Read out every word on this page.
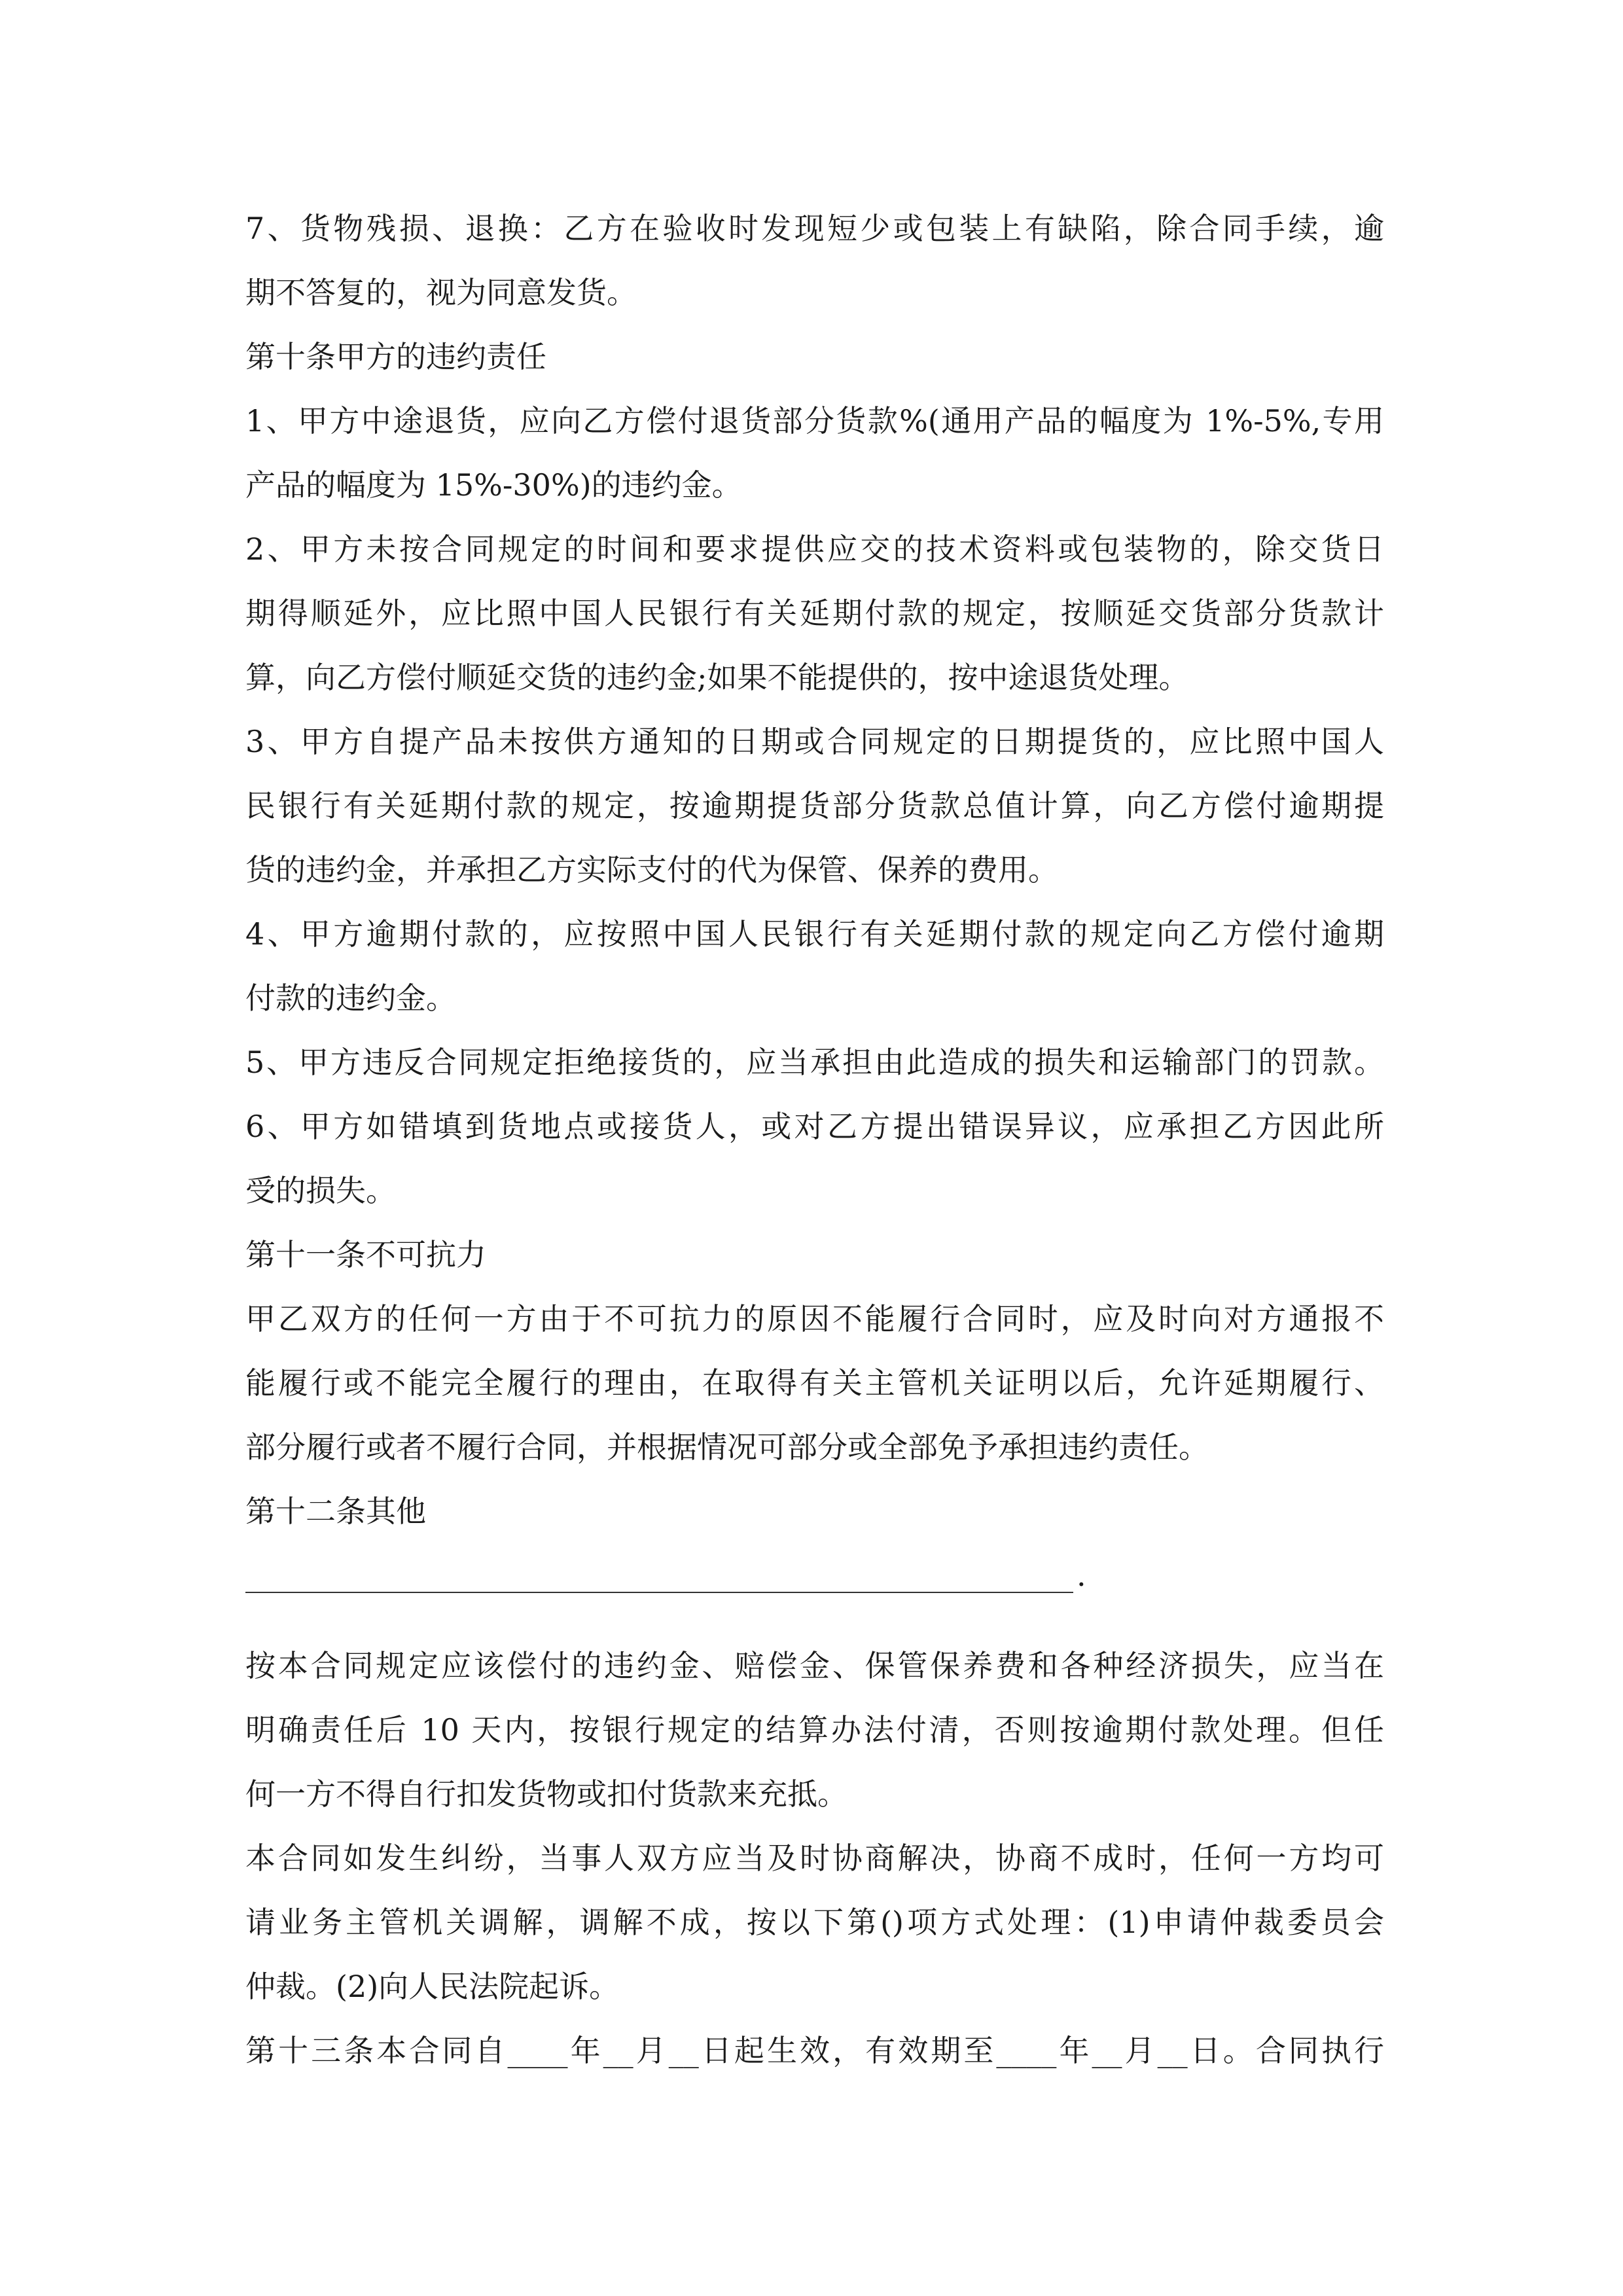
7、货物残损、退换：乙方在验收时发现短少或包装上有缺陷，除合同手续，逾
期不答复的，视为同意发货。
第十条甲方的违约责任
1、甲方中途退货，应向乙方偿付退货部分货款%(通用产品的幅度为 1%-5%,专用
产品的幅度为 15%-30%)的违约金。
2、甲方未按合同规定的时间和要求提供应交的技术资料或包装物的，除交货日
期得顺延外，应比照中国人民银行有关延期付款的规定，按顺延交货部分货款计
算，向乙方偿付顺延交货的违约金;如果不能提供的，按中途退货处理。
3、甲方自提产品未按供方通知的日期或合同规定的日期提货的，应比照中国人
民银行有关延期付款的规定，按逾期提货部分货款总值计算，向乙方偿付逾期提
货的违约金，并承担乙方实际支付的代为保管、保养的费用。
4、甲方逾期付款的，应按照中国人民银行有关延期付款的规定向乙方偿付逾期
付款的违约金。
5、甲方违反合同规定拒绝接货的，应当承担由此造成的损失和运输部门的罚款。
6、甲方如错填到货地点或接货人，或对乙方提出错误异议，应承担乙方因此所
受的损失。
第十一条不可抗力
甲乙双方的任何一方由于不可抗力的原因不能履行合同时，应及时向对方通报不
能履行或不能完全履行的理由，在取得有关主管机关证明以后，允许延期履行、
部分履行或者不履行合同，并根据情况可部分或全部免予承担违约责任。
第十二条其他
.
按本合同规定应该偿付的违约金、赔偿金、保管保养费和各种经济损失，应当在
明确责任后 10 天内，按银行规定的结算办法付清，否则按逾期付款处理。但任
何一方不得自行扣发货物或扣付货款来充抵。
本合同如发生纠纷，当事人双方应当及时协商解决，协商不成时，任何一方均可
请业务主管机关调解，调解不成，按以下第()项方式处理：(1)申请仲裁委员会
仲裁。(2)向人民法院起诉。
第十三条本合同自____年__月__日起生效，有效期至____年__月__日。合同执行
